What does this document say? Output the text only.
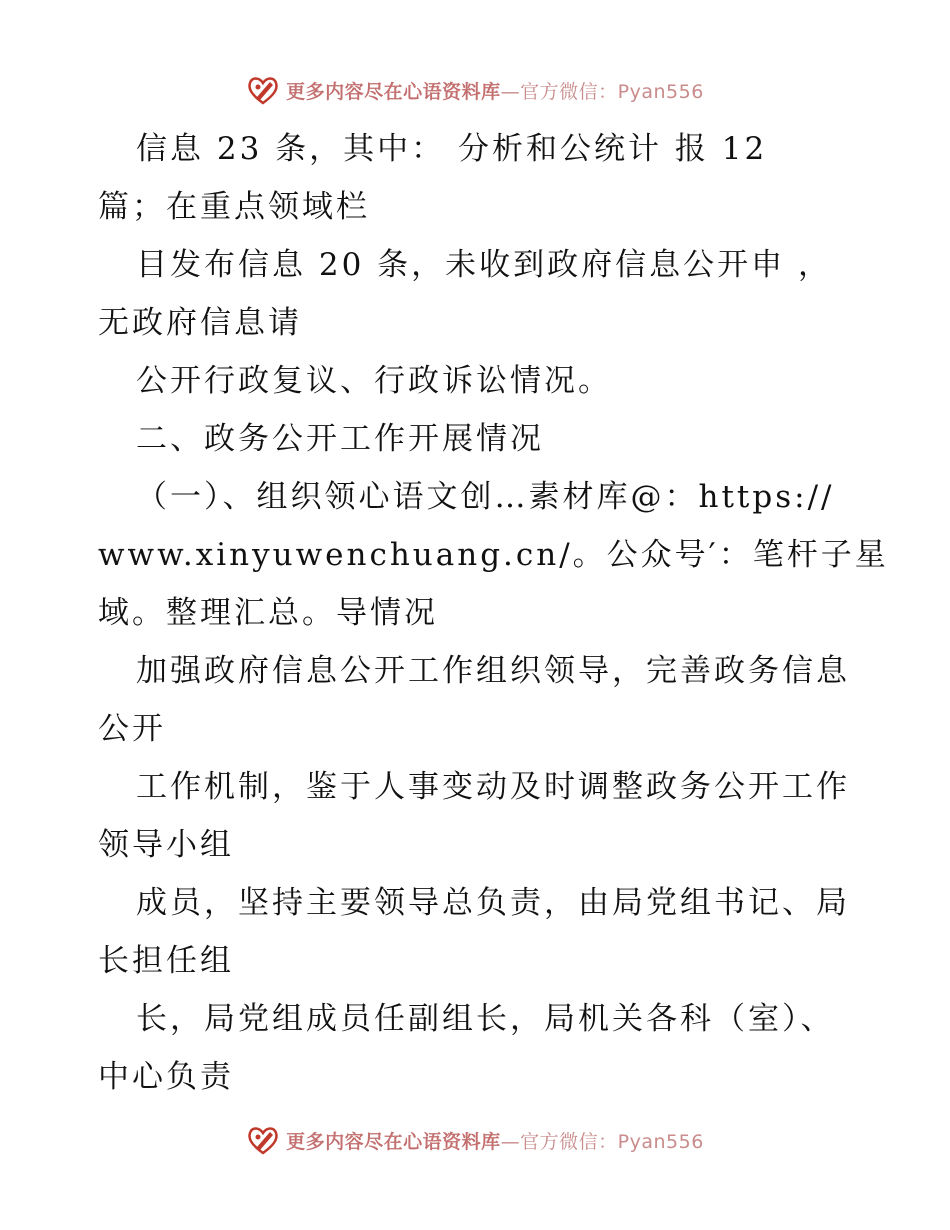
更多内容尽在心语资料库—官方微信：Pyan556
信息 23 条，其中： 分析和公统计 报 12
篇；在重点领域栏
目发布信息 20 条，未收到政府信息公开申 ，
无政府信息请
公开行政复议、行政诉讼情况。
二、政务公开工作开展情况
（一）、组织领心语文创…素材库@：https://
www.xinyuwenchuang.cn/。公众号′：笔杆子星
域。整理汇总。导情况
加强政府信息公开工作组织领导，完善政务信息
公开
工作机制，鉴于人事变动及时调整政务公开工作
领导小组
成员，坚持主要领导总负责，由局党组书记、局
长担任组
长，局党组成员任副组长，局机关各科（室）、
中心负责
更多内容尽在心语资料库—官方微信：Pyan556
